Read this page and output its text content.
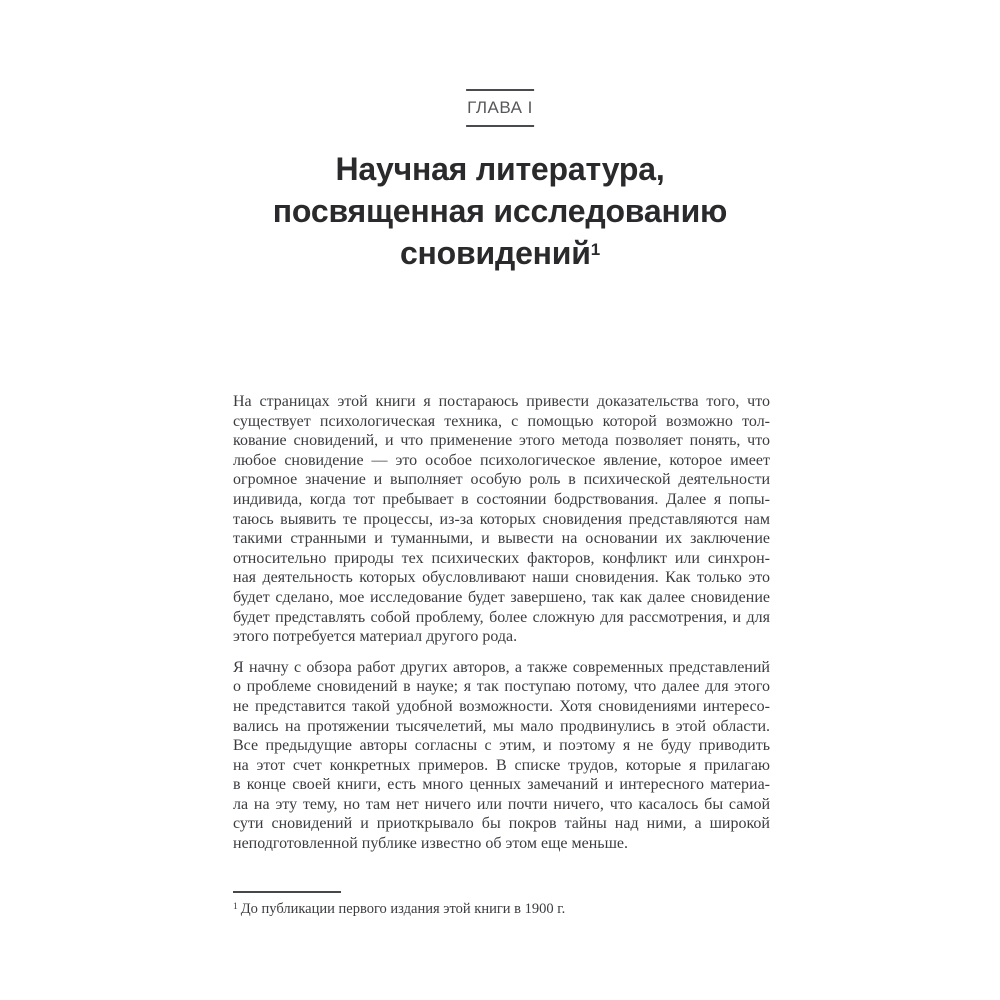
ГЛАВА I
Научная литература,
посвященная исследованию
сновидений$^1$
На страницах этой книги я постараюсь привести доказательства того, что
существует психологическая техника, с помощью которой возможно тол-
кование сновидений, и что применение этого метода позволяет понять, что
любое сновидение — это особое психологическое явление, которое имеет
огромное значение и выполняет особую роль в психической деятельности
индивида, когда тот пребывает в состоянии бодрствования. Далее я попы-
таюсь выявить те процессы, из-за которых сновидения представляются нам
такими странными и туманными, и вывести на основании их заключение
относительно природы тех психических факторов, конфликт или синхрон-
ная деятельность которых обусловливают наши сновидения. Как только это
будет сделано, мое исследование будет завершено, так как далее сновидение
будет представлять собой проблему, более сложную для рассмотрения, и для
этого потребуется материал другого рода.
Я начну с обзора работ других авторов, а также современных представлений
о проблеме сновидений в науке; я так поступаю потому, что далее для этого
не представится такой удобной возможности. Хотя сновидениями интересо-
вались на протяжении тысячелетий, мы мало продвинулись в этой области.
Все предыдущие авторы согласны с этим, и поэтому я не буду приводить
на этот счет конкретных примеров. В списке трудов, которые я прилагаю
в конце своей книги, есть много ценных замечаний и интересного материа-
ла на эту тему, но там нет ничего или почти ничего, что касалось бы самой
сути сновидений и приоткрывало бы покров тайны над ними, а широкой
неподготовленной публике известно об этом еще меньше.

$^1$ До публикации первого издания этой книги в 1900 г.
